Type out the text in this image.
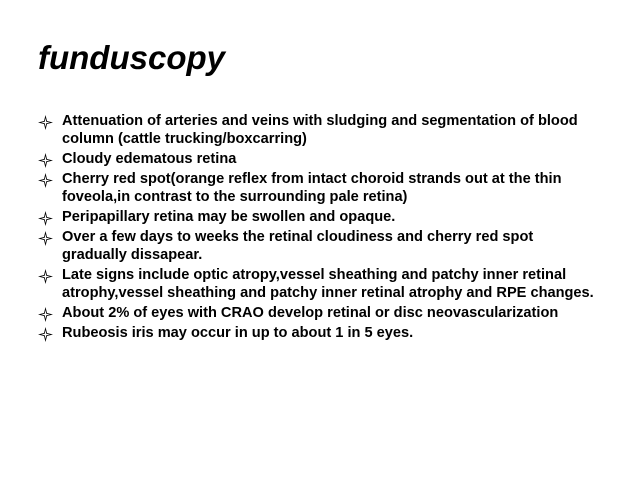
funduscopy
Attenuation of arteries and veins with sludging and segmentation of blood column (cattle trucking/boxcarring)
Cloudy edematous retina
Cherry red spot(orange reflex from intact choroid strands out at the thin foveola,in contrast to the surrounding pale retina)
Peripapillary retina may be swollen and opaque.
Over a few days to weeks the retinal cloudiness and cherry red spot gradually dissapear.
Late signs include optic atropy,vessel sheathing and patchy inner retinal atrophy,vessel sheathing and patchy inner retinal atrophy and RPE changes.
About 2% of eyes with CRAO develop retinal or disc neovascularization
Rubeosis iris may occur in up to about 1 in 5 eyes.
